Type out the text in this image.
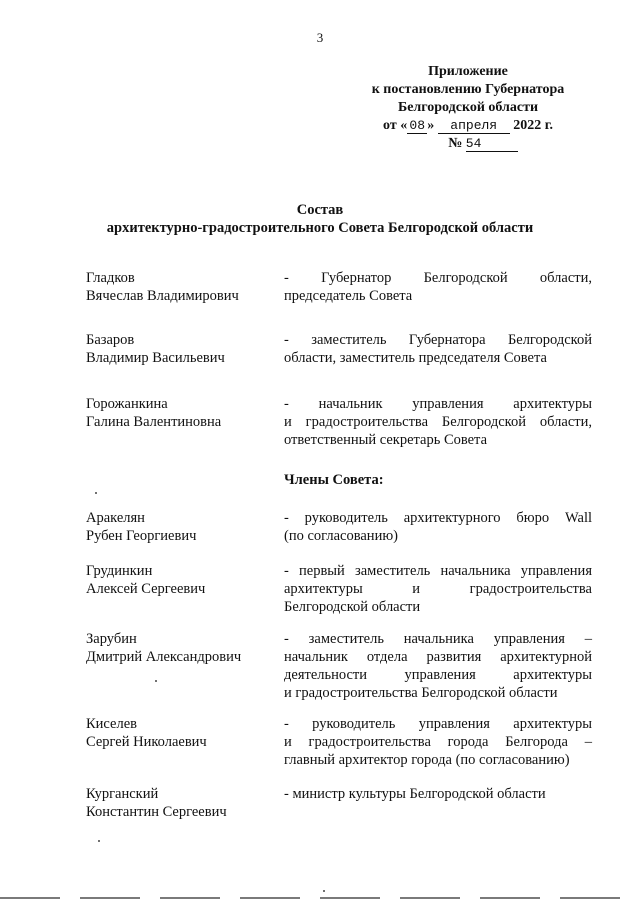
3
Приложение
к постановлению Губернатора
Белгородской области
от « 08 » апреля 2022 г.
№ 54
Состав
архитектурно-градостроительного Совета Белгородской области
Гладков
Вячеслав Владимирович
- Губернатор Белгородской области,
председатель Совета
Базаров
Владимир Васильевич
- заместитель Губернатора Белгородской
области, заместитель председателя Совета
Горожанкина
Галина Валентиновна
- начальник управления архитектуры
и градостроительства Белгородской области,
ответственный секретарь Совета
Члены Совета:
Аракелян
Рубен Георгиевич
- руководитель архитектурного бюро Wall
(по согласованию)
Грудинкин
Алексей Сергеевич
- первый заместитель начальника управления
архитектуры и градостроительства
Белгородской области
Зарубин
Дмитрий Александрович
- заместитель начальника управления –
начальник отдела развития архитектурной
деятельности управления архитектуры
и градостроительства Белгородской области
Киселев
Сергей Николаевич
- руководитель управления архитектуры
и градостроительства города Белгорода –
главный архитектор города (по согласованию)
Курганский
Константин Сергеевич
- министр культуры Белгородской области
